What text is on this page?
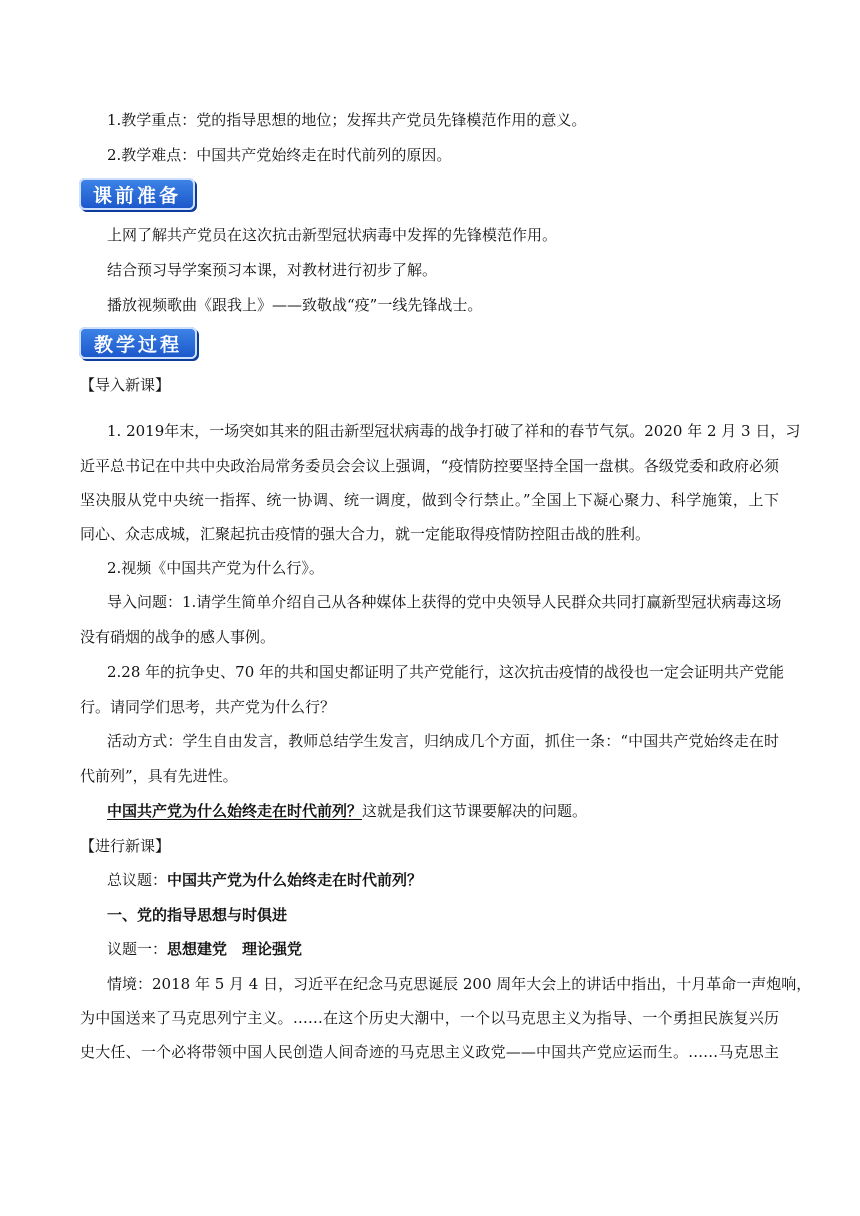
1.教学重点：党的指导思想的地位；发挥共产党员先锋模范作用的意义。
2.教学难点：中国共产党始终走在时代前列的原因。
课前准备
上网了解共产党员在这次抗击新型冠状病毒中发挥的先锋模范作用。
结合预习导学案预习本课，对教材进行初步了解。
播放视频歌曲《跟我上》——致敬战“疫”一线先锋战士。
教学过程
【导入新课】
1. 2019年末，一场突如其来的阻击新型冠状病毒的战争打破了祥和的春节气氛。2020 年 2 月 3 日，习
近平总书记在中共中央政治局常务委员会会议上强调，“疫情防控要坚持全国一盘棋。各级党委和政府必须
坚决服从党中央统一指挥、统一协调、统一调度，做到令行禁止。”全国上下凝心聚力、科学施策，上下
同心、众志成城，汇聚起抗击疫情的强大合力，就一定能取得疫情防控阻击战的胜利。
2.视频《中国共产党为什么行》。
导入问题：1.请学生简单介绍自己从各种媒体上获得的党中央领导人民群众共同打赢新型冠状病毒这场
没有硝烟的战争的感人事例。
2.28 年的抗争史、70 年的共和国史都证明了共产党能行，这次抗击疫情的战役也一定会证明共产党能
行。请同学们思考，共产党为什么行？
活动方式：学生自由发言，教师总结学生发言，归纳成几个方面，抓住一条：“中国共产党始终走在时
代前列”，具有先进性。
中国共产党为什么始终走在时代前列？这就是我们这节课要解决的问题。
【进行新课】
总议题：中国共产党为什么始终走在时代前列？
一、党的指导思想与时俱进
议题一：思想建党　理论强党
情境：2018 年 5 月 4 日，习近平在纪念马克思诞辰 200 周年大会上的讲话中指出，十月革命一声炮响，
为中国送来了马克思列宁主义。……在这个历史大潮中，一个以马克思主义为指导、一个勇担民族复兴历
史大任、一个必将带领中国人民创造人间奇迹的马克思主义政党——中国共产党应运而生。……马克思主
